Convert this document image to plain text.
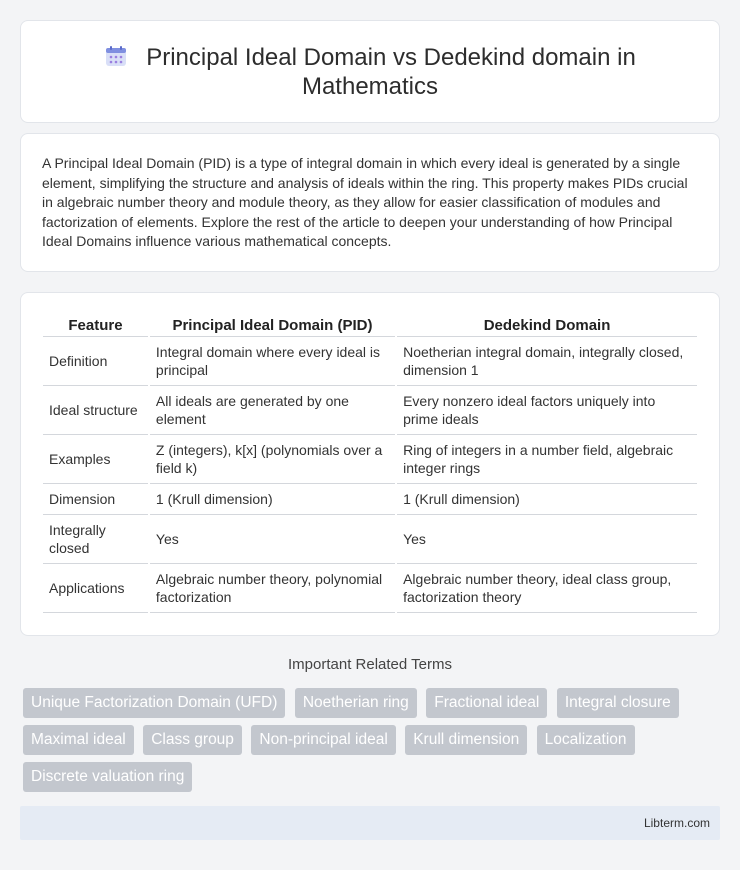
Principal Ideal Domain vs Dedekind domain in Mathematics

A Principal Ideal Domain (PID) is a type of integral domain in which every ideal is generated by a single element, simplifying the structure and analysis of ideals within the ring. This property makes PIDs crucial in algebraic number theory and module theory, as they allow for easier classification of modules and factorization of elements. Explore the rest of the article to deepen your understanding of how Principal Ideal Domains influence various mathematical concepts.

Feature	Principal Ideal Domain (PID)	Dedekind Domain
Definition	Integral domain where every ideal is principal	Noetherian integral domain, integrally closed, dimension 1
Ideal structure	All ideals are generated by one element	Every nonzero ideal factors uniquely into prime ideals
Examples	Z (integers), k[x] (polynomials over a field k)	Ring of integers in a number field, algebraic integer rings
Dimension	1 (Krull dimension)	1 (Krull dimension)
Integrally closed	Yes	Yes
Applications	Algebraic number theory, polynomial factorization	Algebraic number theory, ideal class group, factorization theory
Important Related Terms
Unique Factorization Domain (UFD) Noetherian ring Fractional ideal Integral closure Maximal ideal Class group Non-principal ideal Krull dimension Localization Discrete valuation ring
Libterm.com
